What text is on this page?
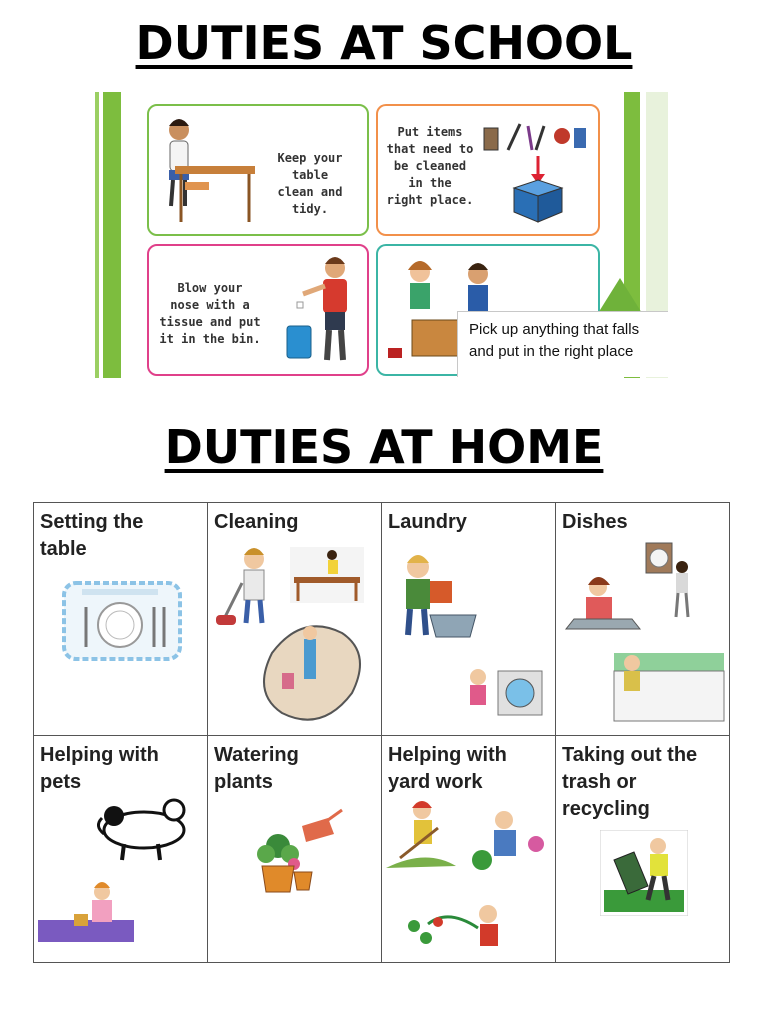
DUTIES AT SCHOOL
Keep your table
clean and tidy.
Put items
that need to
be cleaned
in the
right place.
Blow your
nose with a
tissue and put
it in the bin.
Pick up anything that falls and put in the right place
DUTIES AT HOME
Setting the
table	Cleaning	Laundry	Dishes

Helping with
pets	Watering
plants	Helping with
yard work	Taking out the
trash or
recycling
